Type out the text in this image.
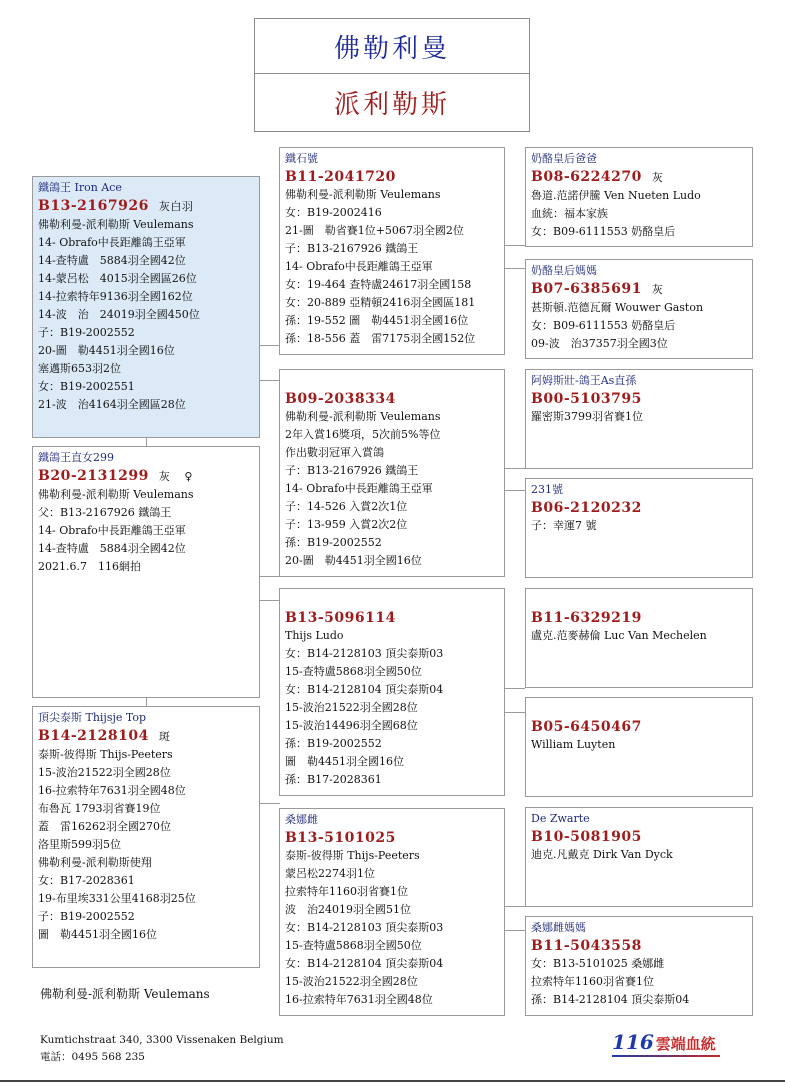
佛勒利曼
派利勒斯
鐵鴿王 Iron Ace
B13-2167926 灰白羽
佛勒利曼-派利勒斯 Veulemans
14- Obrafo中長距離鴿王亞軍
14-查特盧　5884羽全國42位
14-蒙呂松　4015羽全國區26位
14-拉索特年9136羽全國162位
14-波　治　24019羽全國450位
子：B19-2002552
20-圖　勒4451羽全國16位
塞邁斯653羽2位
女：B19-2002551
21-波　治4164羽全國區28位
鐵鴿王直女299
B20-2131299 灰 ♀
佛勒利曼-派利勒斯 Veulemans
父：B13-2167926 鐵鴿王
14- Obrafo中長距離鴿王亞軍
14-查特盧　5884羽全國42位
2021.6.7　116網拍
頂尖泰斯 Thijsje Top
B14-2128104 斑
泰斯-彼得斯 Thijs-Peeters
15-波治21522羽全國28位
16-拉索特年7631羽全國48位
布魯瓦 1793羽省賽19位
蓋　雷16262羽全國270位
洛里斯599羽5位
佛勒利曼-派利勒斯使翔
女：B17-2028361
19-布里埃331公里4168羽25位
子：B19-2002552
圖　勒4451羽全國16位
鐵石號
B11-2041720
佛勒利曼-派利勒斯 Veulemans
女：B19-2002416
21-圖　勒省賽1位+5067羽全國2位
子：B13-2167926 鐵鴿王
14- Obrafo中長距離鴿王亞軍
女：19-464 查特盧24617羽全國158
女：20-889 亞精頓2416羽全國區181
孫：19-552 圖　勒4451羽全國16位
孫：18-556 蓋　雷7175羽全國152位
B09-2038334
佛勒利曼-派利勒斯 Veulemans
2年入賞16獎項，5次前5%等位
作出數羽冠軍入賞鴿
子：B13-2167926 鐵鴿王
14- Obrafo中長距離鴿王亞軍
子：14-526 入賞2次1位
子：13-959 入賞2次2位
孫：B19-2002552
20-圖　勒4451羽全國16位
B13-5096114
Thijs Ludo
女：B14-2128103 頂尖泰斯03
15-查特盧5868羽全國50位
女：B14-2128104 頂尖泰斯04
15-波治21522羽全國28位
15-波治14496羽全國68位
孫：B19-2002552
圖　勒4451羽全國16位
孫：B17-2028361
桑娜雌
B13-5101025
泰斯-彼得斯 Thijs-Peeters
蒙呂松2274羽1位
拉索特年1160羽省賽1位
波　治24019羽全國51位
女：B14-2128103 頂尖泰斯03
15-查特盧5868羽全國50位
女：B14-2128104 頂尖泰斯04
15-波治21522羽全國28位
16-拉索特年7631羽全國48位
奶酪皇后爸爸
B08-6224270 灰
魯道.范諾伊騰 Ven Nueten Ludo
血統：福本家族
女：B09-6111553 奶酪皇后
奶酪皇后媽媽
B07-6385691 灰
甚斯頓.范德瓦爾 Wouwer Gaston
女：B09-6111553 奶酪皇后
09-波　治37357羽全國3位
阿姆斯壯-鴿王As直孫
B00-5103795
羅密斯3799羽省賽1位
231號
B06-2120232
子：幸運7 號
B11-6329219
盧克.范麥赫倫 Luc Van Mechelen
B05-6450467
William Luyten
De Zwarte
B10-5081905
迪克.凡戴克 Dirk Van Dyck
桑娜雌媽媽
B11-5043558
女：B13-5101025 桑娜雌
拉索特年1160羽省賽1位
孫：B14-2128104 頂尖泰斯04
佛勒利曼-派利勒斯 Veulemans
Kumtichstraat 340, 3300 Vissenaken Belgium
電話：0495 568 235
116 雲端血統
